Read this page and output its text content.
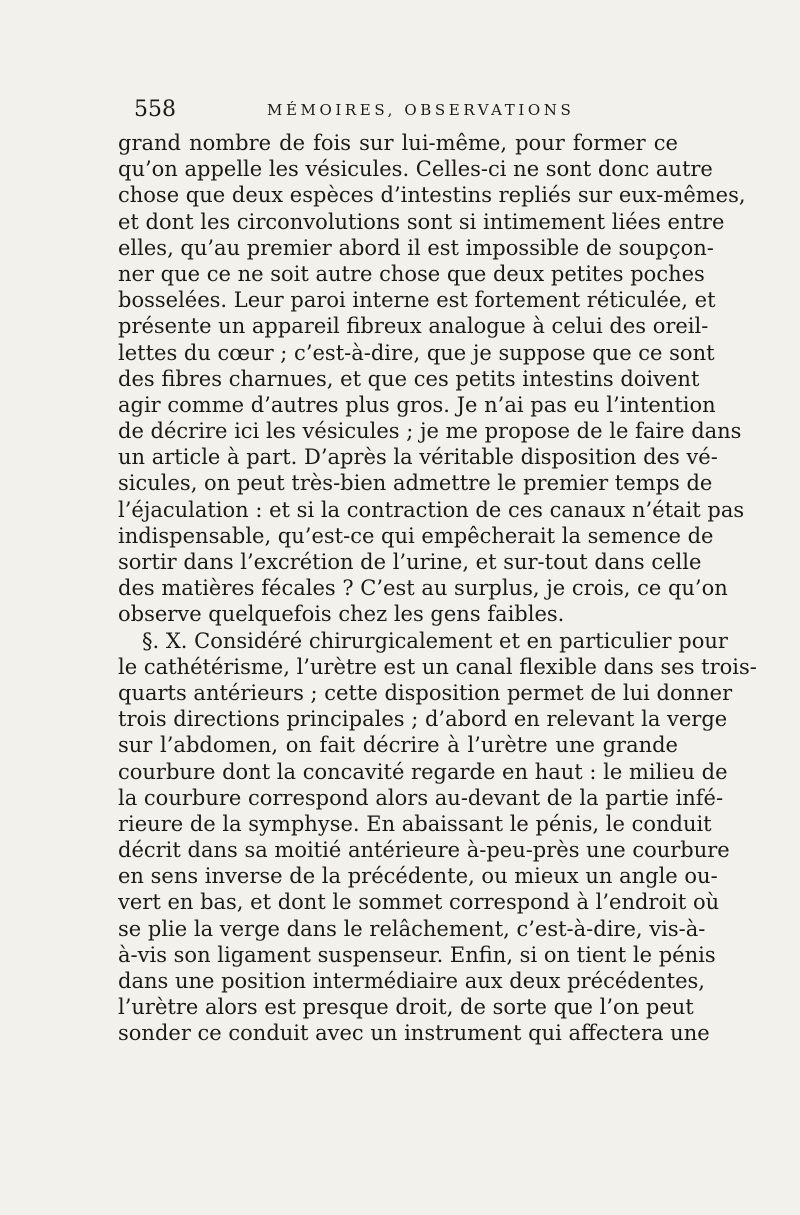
558	MÉMOIRES, OBSERVATIONS
grand nombre de fois sur lui-même, pour former ce
qu’on appelle les vésicules. Celles-ci ne sont donc autre
chose que deux espèces d’intestins repliés sur eux-mêmes,
et dont les circonvolutions sont si intimement liées entre
elles, qu’au premier abord il est impossible de soupçon-
ner que ce ne soit autre chose que deux petites poches
bosselées. Leur paroi interne est fortement réticulée, et
présente un appareil fibreux analogue à celui des oreil-
lettes du cœur ; c’est-à-dire, que je suppose que ce sont
des fibres charnues, et que ces petits intestins doivent
agir comme d’autres plus gros. Je n’ai pas eu l’intention
de décrire ici les vésicules ; je me propose de le faire dans
un article à part. D’après la véritable disposition des vé-
sicules, on peut très-bien admettre le premier temps de
l’éjaculation : et si la contraction de ces canaux n’était pas
indispensable, qu’est-ce qui empêcherait la semence de
sortir dans l’excrétion de l’urine, et sur-tout dans celle
des matières fécales ? C’est au surplus, je crois, ce qu’on
observe quelquefois chez les gens faibles.
§. X. Considéré chirurgicalement et en particulier pour
le cathétérisme, l’urètre est un canal flexible dans ses trois-
quarts antérieurs ; cette disposition permet de lui donner
trois directions principales ; d’abord en relevant la verge
sur l’abdomen, on fait décrire à l’urètre une grande
courbure dont la concavité regarde en haut : le milieu de
la courbure correspond alors au-devant de la partie infé-
rieure de la symphyse. En abaissant le pénis, le conduit
décrit dans sa moitié antérieure à-peu-près une courbure
en sens inverse de la précédente, ou mieux un angle ou-
vert en bas, et dont le sommet correspond à l’endroit où
se plie la verge dans le relâchement, c’est-à-dire, vis-à-
à-vis son ligament suspenseur. Enfin, si on tient le pénis
dans une position intermédiaire aux deux précédentes,
l’urètre alors est presque droit, de sorte que l’on peut
sonder ce conduit avec un instrument qui affectera une
